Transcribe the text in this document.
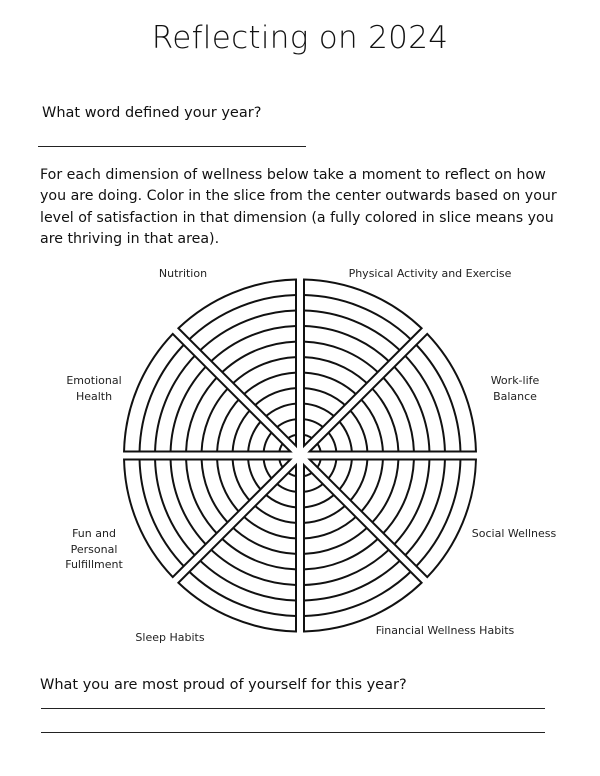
Reflecting on 2024
What word defined your year?
For each dimension of wellness below take a moment to reflect on how you are doing. Color in the slice from the center outwards based on your level of satisfaction in that dimension (a fully colored in slice means you are thriving in that area).
Nutrition	Physical Activity and Exercise
Work-life
Balance
Social Wellness
Financial Wellness Habits
Sleep Habits
Fun and
Personal
Fulfillment
Emotional
Health
What you are most proud of yourself for this year?
